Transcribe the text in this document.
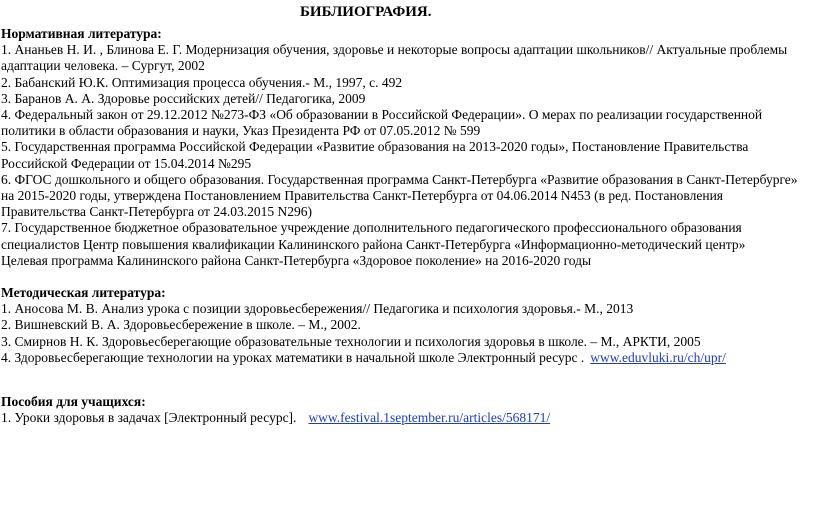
БИБЛИОГРАФИЯ.
Нормативная литература:
1. Ананьев Н. И. , Блинова Е. Г. Модернизация обучения, здоровье и некоторые вопросы адаптации школьников// Актуальные проблемы адаптации человека. – Сургут, 2002
2. Бабанский Ю.К. Оптимизация процесса обучения.- М., 1997, с. 492
3. Баранов А. А. Здоровье российских детей// Педагогика, 2009
4. Федеральный закон от 29.12.2012 №273-ФЗ «Об образовании в Российской Федерации». О мерах по реализации государственной политики в области образования и науки, Указ Президента РФ от 07.05.2012 № 599
5. Государственная программа Российской Федерации «Развитие образования на 2013-2020 годы», Постановление Правительства Российской Федерации от 15.04.2014 №295
6. ФГОС дошкольного и общего образования. Государственная программа Санкт-Петербурга «Развитие образования в Санкт-Петербурге» на 2015-2020 годы, утверждена Постановлением Правительства Санкт-Петербурга от 04.06.2014 N453 (в ред. Постановления Правительства Санкт-Петербурга от 24.03.2015 N296)
7. Государственное бюджетное образовательное учреждение дополнительного педагогического профессионального образования специалистов Центр повышения квалификации Калининского района Санкт-Петербурга «Информационно-методический центр»
Целевая программа Калининского района Санкт-Петербурга «Здоровое поколение» на 2016-2020 годы
Методическая литература:
1. Аносова М. В. Анализ урока с позиции здоровьесбережения// Педагогика и психология здоровья.- М., 2013
2. Вишневский В. А. Здоровьесбережение в школе. – М., 2002.
3. Смирнов Н. К. Здоровьесберегающие образовательные технологии и психология здоровья в школе. – М., АРКТИ, 2005
4. Здоровьесберегающие технологии на уроках математики в начальной школе Электронный ресурс . www.eduvluki.ru/ch/upr/
Пособия для учащихся:
1. Уроки здоровья в задачах [Электронный ресурс]. www.festival.1september.ru/articles/568171/
